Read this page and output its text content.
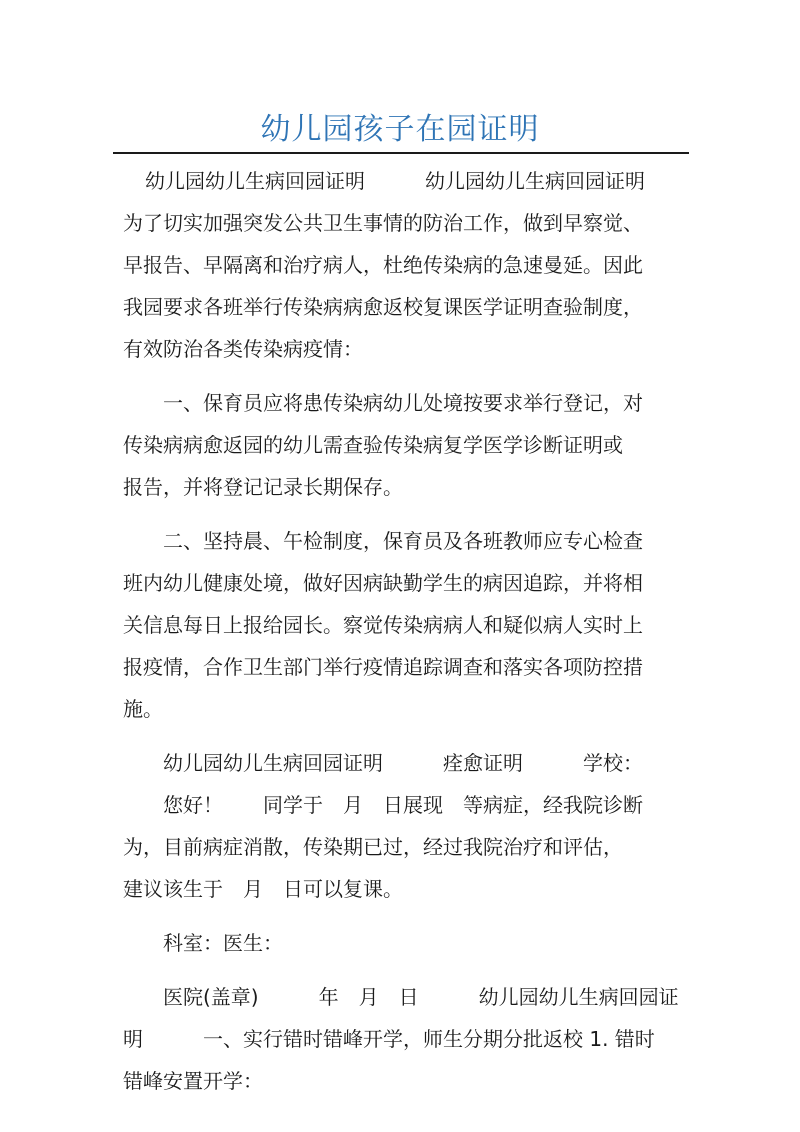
幼儿园孩子在园证明
幼儿园幼儿生病回园证明　　　幼儿园幼儿生病回园证明
为了切实加强突发公共卫生事情的防治工作，做到早察觉、
早报告、早隔离和治疗病人，杜绝传染病的急速曼延。因此
我园要求各班举行传染病病愈返校复课医学证明查验制度，
有效防治各类传染病疫情：
一、保育员应将患传染病幼儿处境按要求举行登记，对
传染病病愈返园的幼儿需查验传染病复学医学诊断证明或
报告，并将登记记录长期保存。
二、坚持晨、午检制度，保育员及各班教师应专心检查
班内幼儿健康处境，做好因病缺勤学生的病因追踪，并将相
关信息每日上报给园长。察觉传染病病人和疑似病人实时上
报疫情，合作卫生部门举行疫情追踪调查和落实各项防控措
施。
幼儿园幼儿生病回园证明　　　痊愈证明　　　学校：
您好！　　同学于　月　日展现　等病症，经我院诊断
为，目前病症消散，传染期已过，经过我院治疗和评估，
建议该生于　月　日可以复课。
科室：医生：
医院(盖章)　　　年　月　日　　　幼儿园幼儿生病回园证
明　　　一、实行错时错峰开学，师生分期分批返校 1. 错时
错峰安置开学：
